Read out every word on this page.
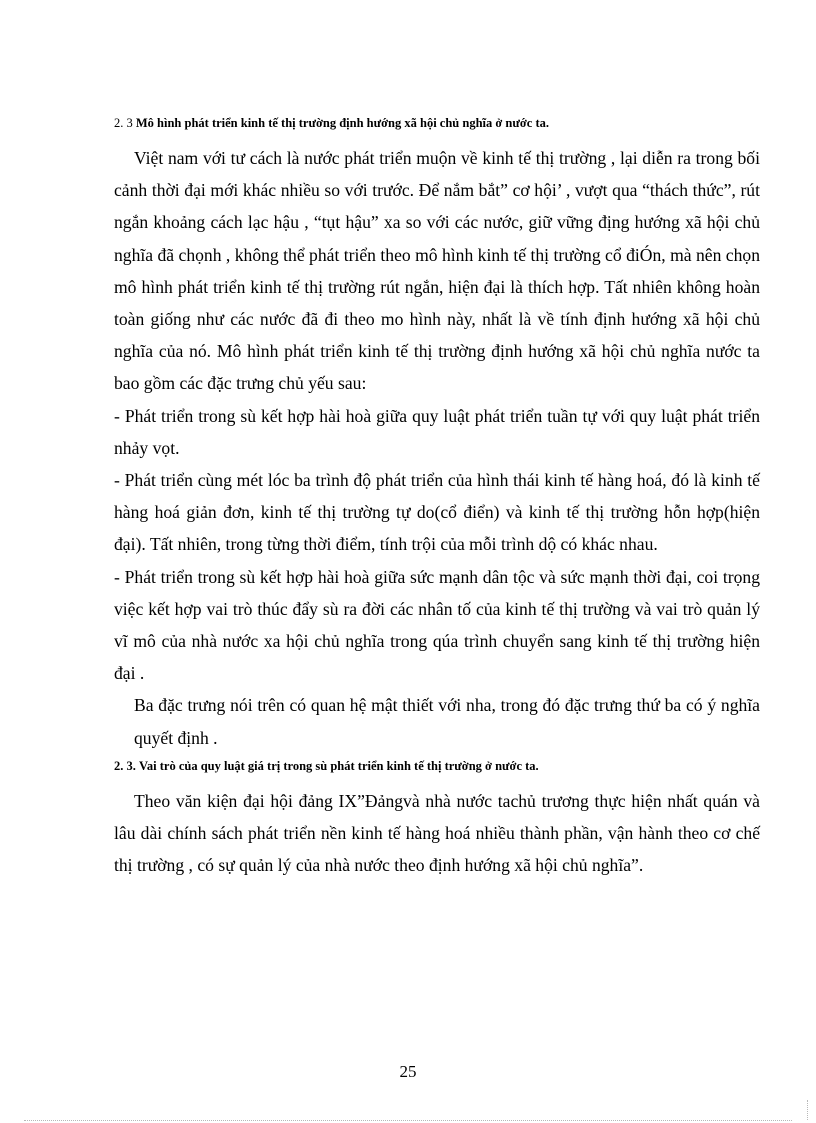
2. 3 Mô hình phát triển kinh tế thị trường định hướng xã hội chủ nghĩa ở nước ta.

Việt nam với tư cách là nước phát triển muộn về kinh tế thị trường , lại diễn ra trong bối cảnh thời đại mới khác nhiều so với trước. Để nắm bắt” cơ hội’ , vượt qua “thách thức”, rút ngắn khoảng cách lạc hậu , “tụt hậu” xa so với các nước, giữ vững địng hướng xã hội chủ nghĩa đã chọnh , không thể phát triển theo mô hình kinh tế thị trường cổ điÓn, mà nên chọn mô hình phát triển kinh tế thị trường rút ngắn, hiện đại là thích hợp. Tất nhiên không hoàn toàn giống như các nước đã đi theo mo hình này, nhất là về tính định hướng xã hội chủ nghĩa của nó. Mô hình phát triển kinh tế thị trường định hướng xã hội chủ nghĩa nước ta bao gồm các đặc trưng chủ yếu sau:

- Phát triển trong sù kết hợp hài hoà giữa quy luật phát triển tuần tự với quy luật phát triển nhảy vọt.

- Phát triển cùng mét lóc ba trình độ phát triển của hình thái kinh tế hàng hoá, đó là kinh tế hàng hoá giản đơn, kinh tế thị trường tự do(cổ điển) và kinh tế thị trường hỗn hợp(hiện đại). Tất nhiên, trong từng thời điểm, tính trội của mỗi trình dộ có khác nhau.

- Phát triển trong sù kết hợp hài hoà giữa sức mạnh dân tộc và sức mạnh thời đại, coi trọng việc kết hợp vai trò thúc đẩy sù ra đời các nhân tố của kinh tế thị trường và vai trò quản lý vĩ mô của nhà nước xa hội chủ nghĩa trong qúa trình chuyển sang kinh tế thị trường hiện đại .

Ba đặc trưng nói trên có quan hệ mật thiết với nha, trong đó đặc trưng thứ ba có ý nghĩa quyết định .

2. 3. Vai trò của quy luật giá trị trong sù phát triển kinh tế thị trường ở nước ta.

Theo văn kiện đại hội đảng IX”Đảngvà nhà nước tachủ trương thực hiện nhất quán và lâu dài chính sách phát triển nền kinh tế hàng hoá nhiều thành phần, vận hành theo cơ chế thị trường , có sự quản lý của nhà nước theo định hướng xã hội chủ nghĩa”.

25
